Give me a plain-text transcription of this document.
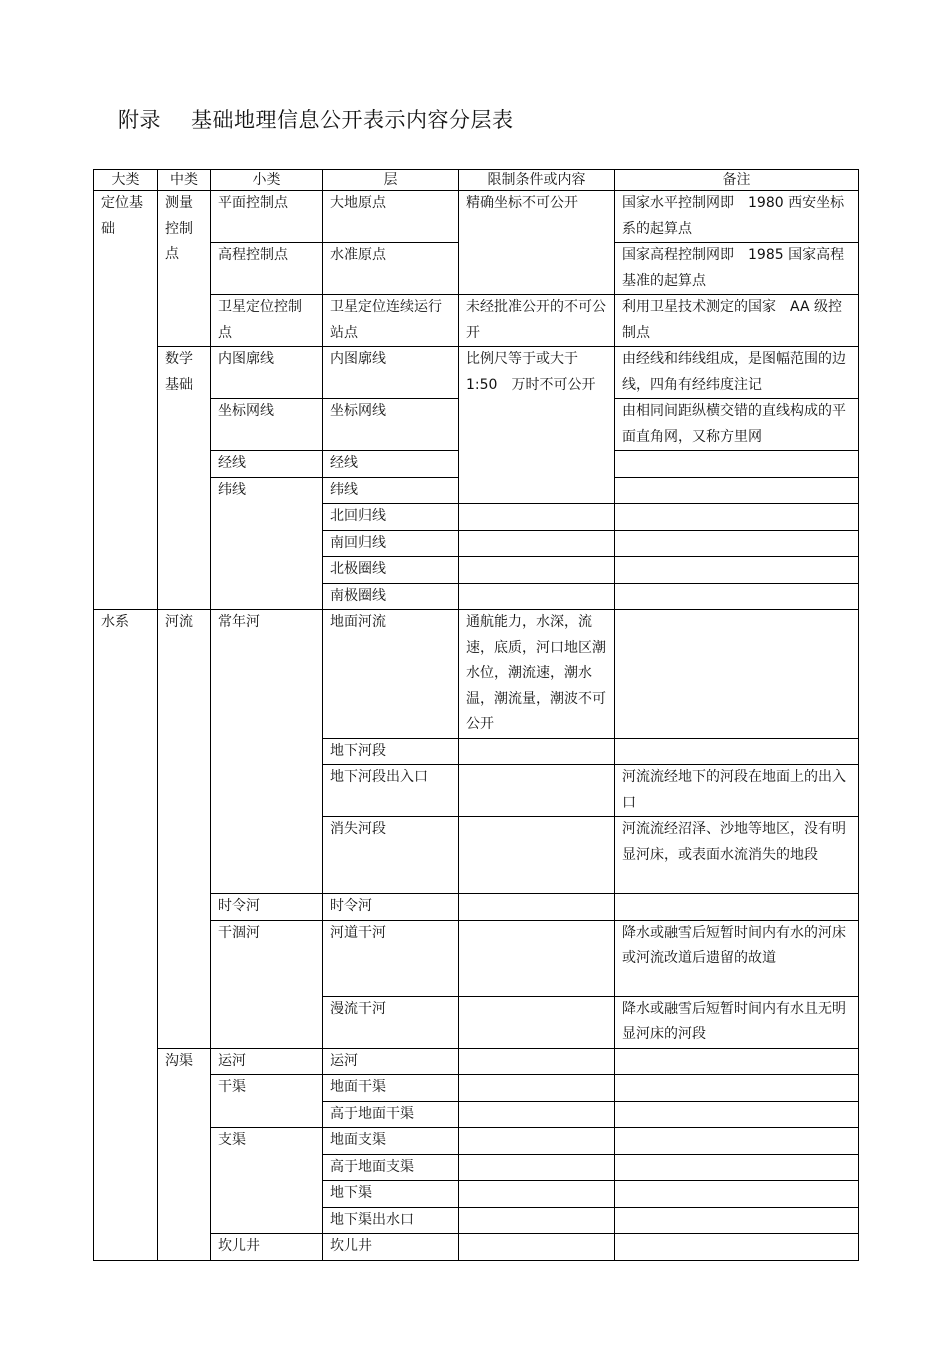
附录 基础地理信息公开表示内容分层表
大类	中类	小类	层	限制条件或内容	备注
定位基础	测量控制点	平面控制点	大地原点	精确坐标不可公开	国家水平控制网即　1980 西安坐标系的起算点
		高程控制点	水准原点		国家高程控制网即　1985 国家高程基准的起算点
		卫星定位控制点	卫星定位连续运行站点	未经批准公开的不可公开	利用卫星技术测定的国家　AA 级控制点
	数学基础	内图廓线	内图廓线	比例尺等于或大于1:50　万时不可公开	由经线和纬线组成，是图幅范围的边线，四角有经纬度注记
		坐标网线	坐标网线		由相同间距纵横交错的直线构成的平面直角网，又称方里网
		经线	经线		
		纬线	纬线		
			北回归线		
			南回归线		
			北极圈线		
			南极圈线		
水系	河流	常年河	地面河流	通航能力，水深，流速，底质，河口地区潮水位，潮流速，潮水温，潮流量，潮波不可公开	
			地下河段		
			地下河段出入口		河流流经地下的河段在地面上的出入口
			消失河段		河流流经沼泽、沙地等地区，没有明显河床，或表面水流消失的地段
		时令河	时令河		
		干涸河	河道干河		降水或融雪后短暂时间内有水的河床或河流改道后遗留的故道
			漫流干河		降水或融雪后短暂时间内有水且无明显河床的河段
	沟渠	运河	运河		
		干渠	地面干渠		
			高于地面干渠		
		支渠	地面支渠		
			高于地面支渠		
			地下渠		
			地下渠出水口		
		坎儿井	坎儿井		
